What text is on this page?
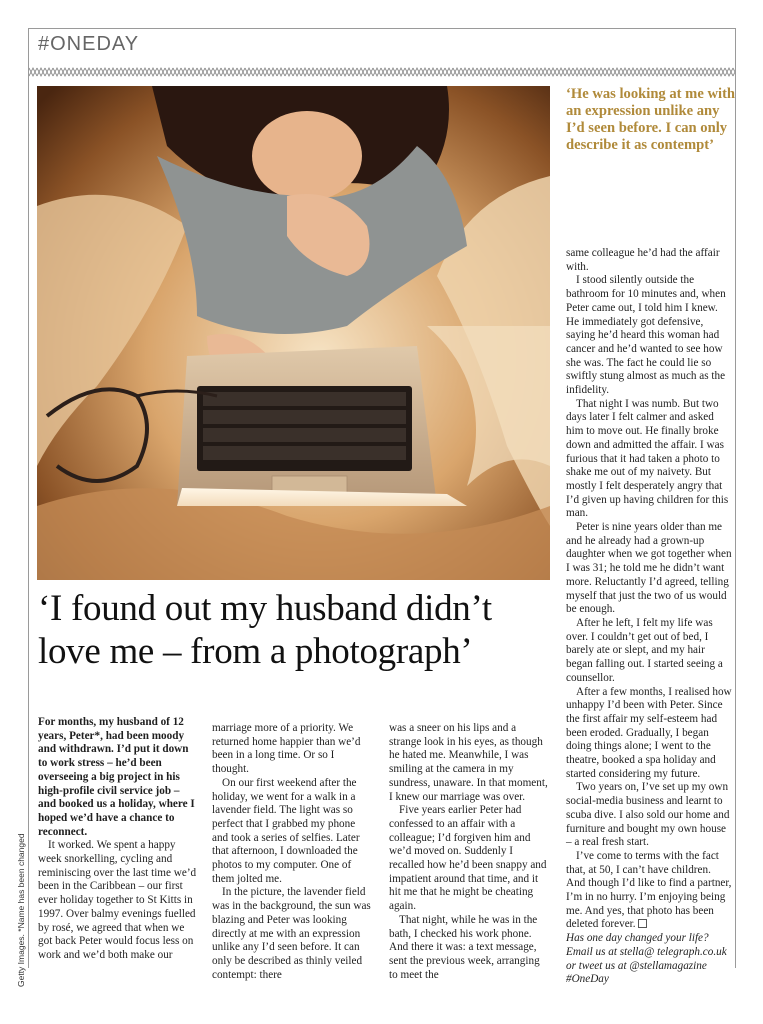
#ONEDAY
‘He was looking at me with an expression unlike any I’d seen before. I can only describe it as contempt’
‘I found out my husband didn’t love me – from a photograph’

For months, my husband of 12 years, Peter*, had been moody and withdrawn. I’d put it down to work stress – he’d been overseeing a big project in his high-profile civil service job – and booked us a holiday, where I hoped we’d have a chance to reconnect.

It worked. We spent a happy week snorkelling, cycling and reminiscing over the last time we’d been in the Caribbean – our first ever holiday together to St Kitts in 1997. Over balmy evenings fuelled by rosé, we agreed that when we got back Peter would focus less on work and we’d both make our

marriage more of a priority. We returned home happier than we’d been in a long time. Or so I thought.

On our first weekend after the holiday, we went for a walk in a lavender field. The light was so perfect that I grabbed my phone and took a series of selfies. Later that afternoon, I downloaded the photos to my computer. One of them jolted me.

In the picture, the lavender field was in the background, the sun was blazing and Peter was looking directly at me with an expression unlike any I’d seen before. It can only be described as thinly veiled contempt: there

was a sneer on his lips and a strange look in his eyes, as though he hated me. Meanwhile, I was smiling at the camera in my sundress, unaware. In that moment, I knew our marriage was over.

Five years earlier Peter had confessed to an affair with a colleague; I’d forgiven him and we’d moved on. Suddenly I recalled how he’d been snappy and impatient around that time, and it hit me that he might be cheating again.

That night, while he was in the bath, I checked his work phone. And there it was: a text message, sent the previous week, arranging to meet the

same colleague he’d had the affair with.

I stood silently outside the bathroom for 10 minutes and, when Peter came out, I told him I knew. He immediately got defensive, saying he’d heard this woman had cancer and he’d wanted to see how she was. The fact he could lie so swiftly stung almost as much as the infidelity.

That night I was numb. But two days later I felt calmer and asked him to move out. He finally broke down and admitted the affair. I was furious that it had taken a photo to shake me out of my naivety. But mostly I felt desperately angry that I’d given up having children for this man.

Peter is nine years older than me and he already had a grown-up daughter when we got together when I was 31; he told me he didn’t want more. Reluctantly I’d agreed, telling myself that just the two of us would be enough.

After he left, I felt my life was over. I couldn’t get out of bed, I barely ate or slept, and my hair began falling out. I started seeing a counsellor.

After a few months, I realised how unhappy I’d been with Peter. Since the first affair my self-esteem had been eroded. Gradually, I began doing things alone; I went to the theatre, booked a spa holiday and started considering my future.

Two years on, I’ve set up my own social-media business and learnt to scuba dive. I also sold our home and furniture and bought my own house – a real fresh start.

I’ve come to terms with the fact that, at 50, I can’t have children. And though I’d like to find a partner, I’m in no hurry. I’m enjoying being me. And yes, that photo has been deleted forever.

Has one day changed your life? Email us at stella@ telegraph.co.uk or tweet us at @stellamagazine #OneDay

Getty Images. *Name has been changed
